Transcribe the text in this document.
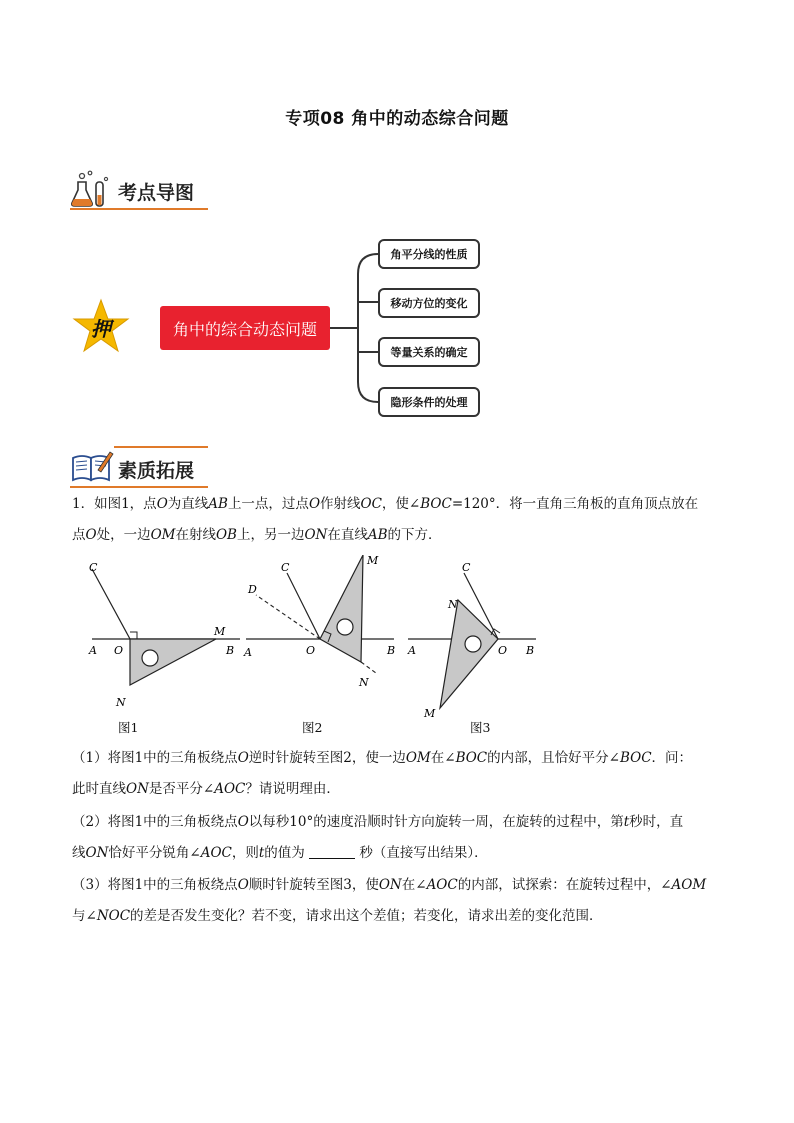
专项08 角中的动态综合问题
考点导图
押	角中的综合动态问题
角平分线的性质
移动方位的变化
等量关系的确定
隐形条件的处理
素质拓展
1．如图1，点O为直线AB上一点，过点O作射线OC，使∠BOC=120°．将一直角三角板的直角顶点放在
点O处，一边OM在射线OB上，另一边ON在直线AB的下方．
C
A O
M
B
N
D
C
M
A	O	B
N
C
N
A	O B
M
图1	图2	图3
（1）将图1中的三角板绕点O逆时针旋转至图2，使一边OM在∠BOC的内部，且恰好平分∠BOC．问：
此时直线ON是否平分∠AOC？请说明理由．
（2）将图1中的三角板绕点O以每秒10°的速度沿顺时针方向旋转一周，在旋转的过程中，第t秒时，直
线ON恰好平分锐角∠AOC，则t的值为	秒（直接写出结果）．
（3）将图1中的三角板绕点O顺时针旋转至图3，使ON在∠AOC的内部，试探索：在旋转过程中，∠AOM
与∠NOC的差是否发生变化？若不变，请求出这个差值；若变化，请求出差的变化范围．
